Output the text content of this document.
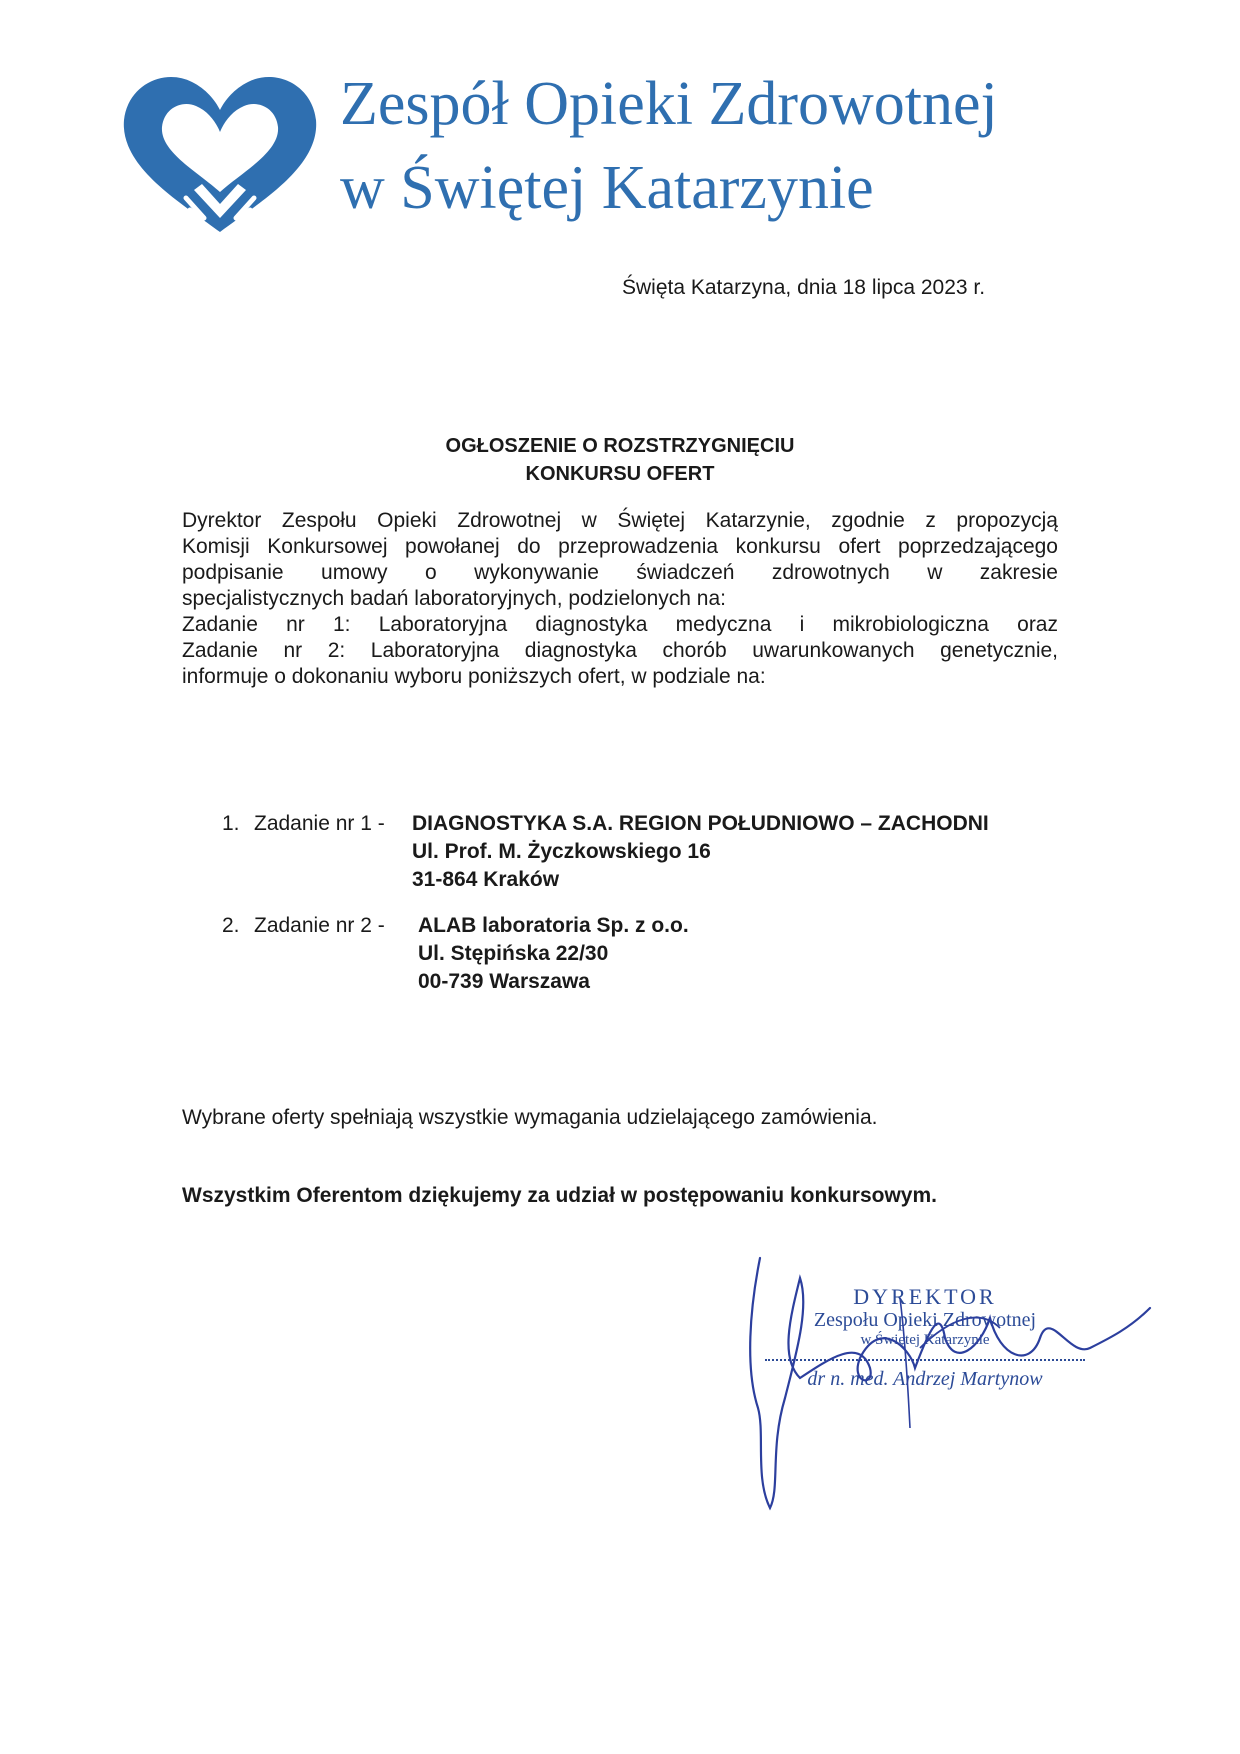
Zespół Opieki Zdrowotnej
w Świętej Katarzynie
Święta Katarzyna, dnia 18 lipca 2023 r.
OGŁOSZENIE O ROZSTRZYGNIĘCIU
KONKURSU OFERT

Dyrektor Zespołu Opieki Zdrowotnej w Świętej Katarzynie, zgodnie z propozycją

Komisji Konkursowej powołanej do przeprowadzenia konkursu ofert poprzedzającego

podpisanie umowy o wykonywanie świadczeń zdrowotnych w zakresie

specjalistycznych badań laboratoryjnych, podzielonych na:

Zadanie nr 1: Laboratoryjna diagnostyka medyczna i mikrobiologiczna oraz

Zadanie nr 2: Laboratoryjna diagnostyka chorób uwarunkowanych genetycznie,

informuje o dokonaniu wyboru poniższych ofert, w podziale na:

1. Zadanie nr 1 - DIAGNOSTYKA S.A. REGION POŁUDNIOWO – ZACHODNI
Ul. Prof. M. Życzkowskiego 16
31-864 Kraków
2. Zadanie nr 2 - ALAB laboratoria Sp. z o.o.
Ul. Stępińska 22/30
00-739 Warszawa
Wybrane oferty spełniają wszystkie wymagania udzielającego zamówienia.
Wszystkim Oferentom dziękujemy za udział w postępowaniu konkursowym.
DYREKTOR
Zespołu Opieki Zdrowotnej
w Świętej Katarzynie
dr n. med. Andrzej Martynow
